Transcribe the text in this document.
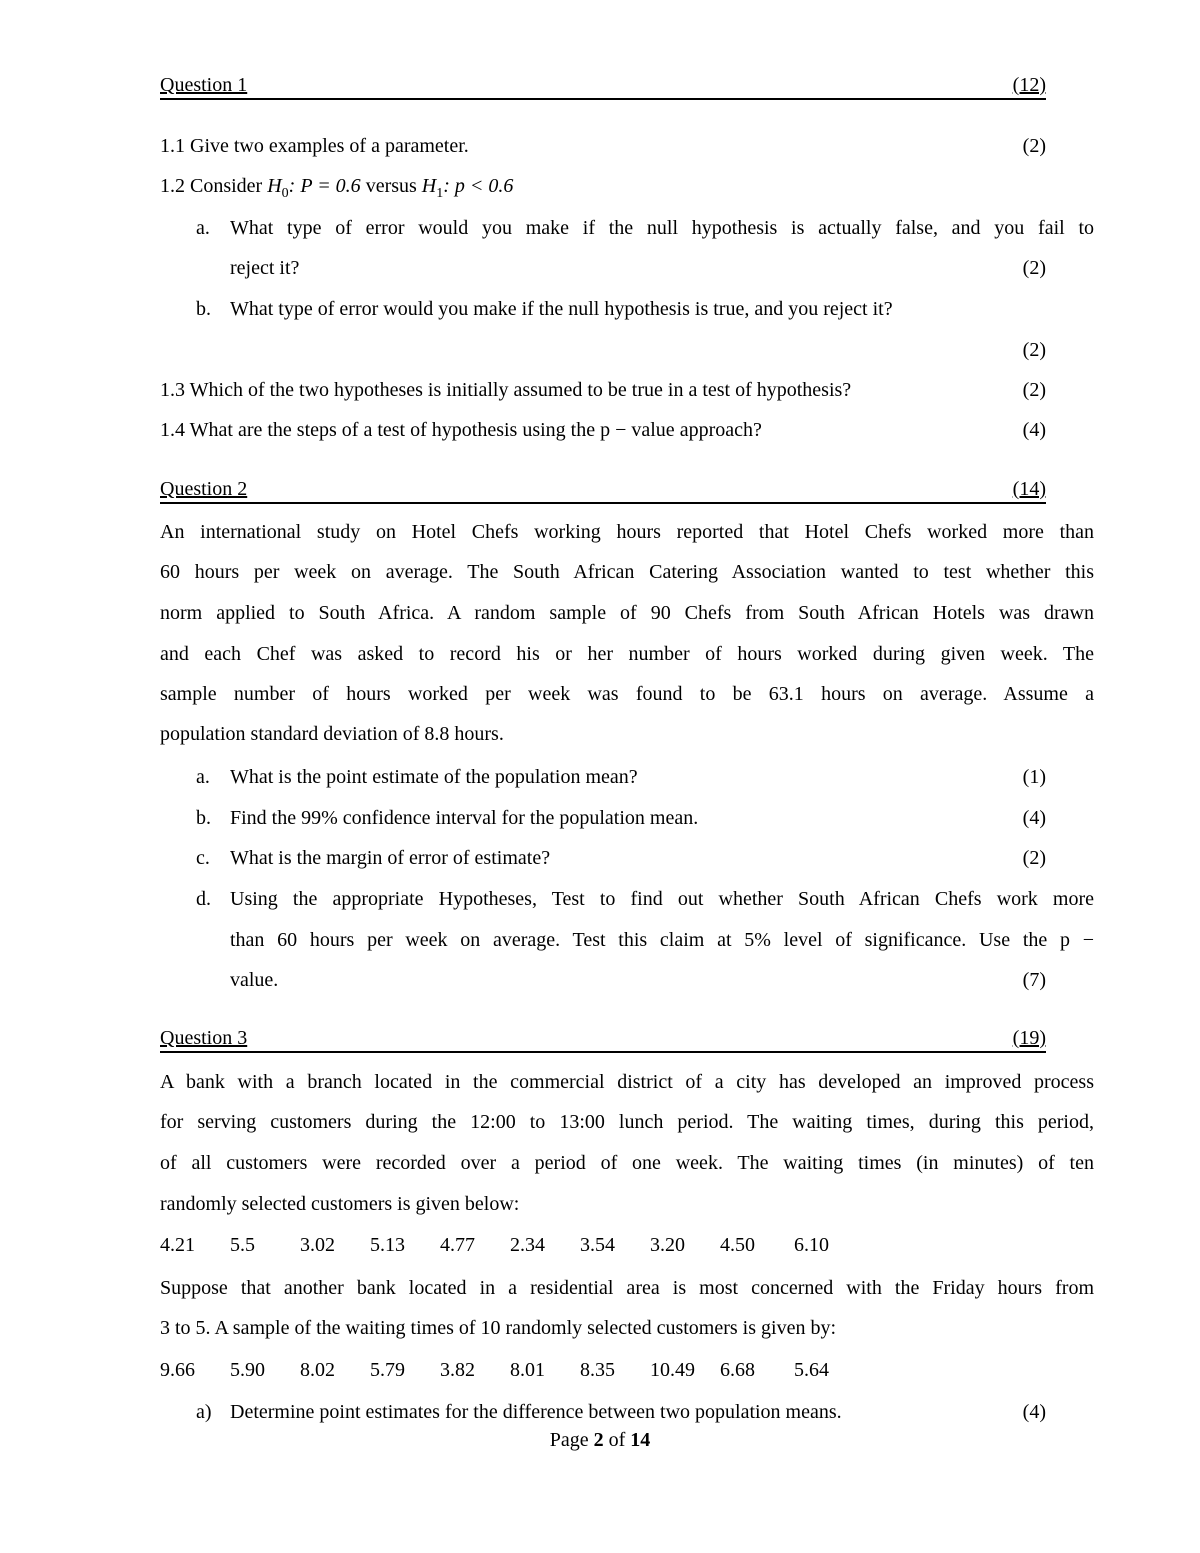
Question 1	(12)
1.1 Give two examples of a parameter.	(2)
1.2 Consider $H_0$: P = 0.6 versus $H_1$: p < 0.6
a. What type of error would you make if the null hypothesis is actually false, and you fail to
reject it?	(2)
b. What type of error would you make if the null hypothesis is true, and you reject it?
(2)
1.3 Which of the two hypotheses is initially assumed to be true in a test of hypothesis?	(2)
1.4 What are the steps of a test of hypothesis using the p − value approach?	(4)
Question 2	(14)
An international study on Hotel Chefs working hours reported that Hotel Chefs worked more than
60 hours per week on average. The South African Catering Association wanted to test whether this
norm applied to South Africa. A random sample of 90 Chefs from South African Hotels was drawn
and each Chef was asked to record his or her number of hours worked during given week. The
sample number of hours worked per week was found to be 63.1 hours on average. Assume a
population standard deviation of 8.8 hours.
a. What is the point estimate of the population mean?	(1)
b. Find the 99% confidence interval for the population mean.	(4)
c. What is the margin of error of estimate?	(2)
d. Using the appropriate Hypotheses, Test to find out whether South African Chefs work more
than 60 hours per week on average. Test this claim at 5% level of significance. Use the p −
value.	(7)
Question 3	(19)
A bank with a branch located in the commercial district of a city has developed an improved process
for serving customers during the 12:00 to 13:00 lunch period. The waiting times, during this period,
of all customers were recorded over a period of one week. The waiting times (in minutes) of ten
randomly selected customers is given below:
4.21 5.5 3.02 5.13 4.77 2.34 3.54 3.20 4.50 6.10
Suppose that another bank located in a residential area is most concerned with the Friday hours from
3 to 5. A sample of the waiting times of 10 randomly selected customers is given by:
9.66 5.90 8.02 5.79 3.82 8.01 8.35 10.49 6.68 5.64
a) Determine point estimates for the difference between two population means.	(4)
Page 2 of 14
